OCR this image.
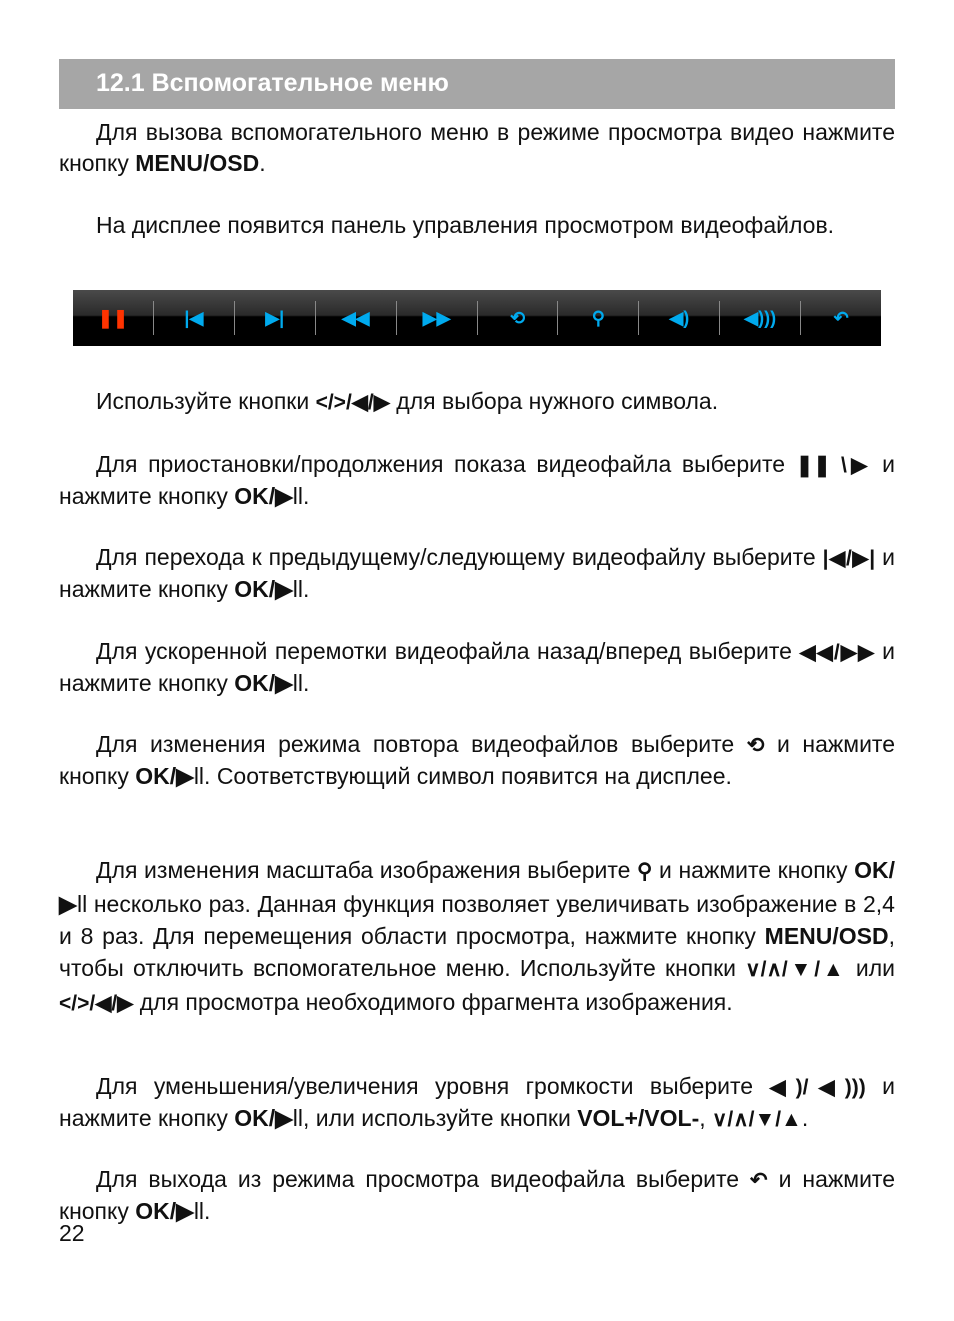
12.1 Вспомогательное меню
Для вызова вспомогательного меню в режиме просмотра видео нажмите кнопку MENU/OSD.
На дисплее появится панель управления просмотром видеофайлов.
❚❚	|◀	▶|	◀◀	▶▶	⟲	⚲	◀)	◀)))	↶
Используйте кнопки </>/◀/▶ для выбора нужного символа.
Для приостановки/продолжения показа видеофайла выберите ❚❚ \▶ и нажмите кнопку OK/▶ll.
Для перехода к предыдущему/следующему видеофайлу выберите |◀/▶| и нажмите кнопку OK/▶ll.
Для ускоренной перемотки видеофайла назад/вперед выберите ◀◀/▶▶ и нажмите кнопку OK/▶ll.
Для изменения режима повтора видеофайлов выберите ⟲ и нажмите кнопку OK/▶ll. Соответствующий символ появится на дисплее.
Для изменения масштаба изображения выберите ⚲ и нажмите кнопку OK/▶ll несколько раз. Данная функция позволяет увеличивать изображение в 2,4 и 8 раз. Для перемещения области просмотра, нажмите кнопку MENU/OSD, чтобы отключить вспомогательное меню. Используйте кнопки ∨/∧/▼/▲ или </>/◀/▶ для просмотра необходимого фрагмента изображения.
Для уменьшения/увеличения уровня громкости выберите ◀)/◀))) и нажмите кнопку OK/▶ll, или используйте кнопки VOL+/VOL-, ∨/∧/▼/▲.
Для выхода из режима просмотра видеофайла выберите ↶ и нажмите кнопку OK/▶ll.
22
